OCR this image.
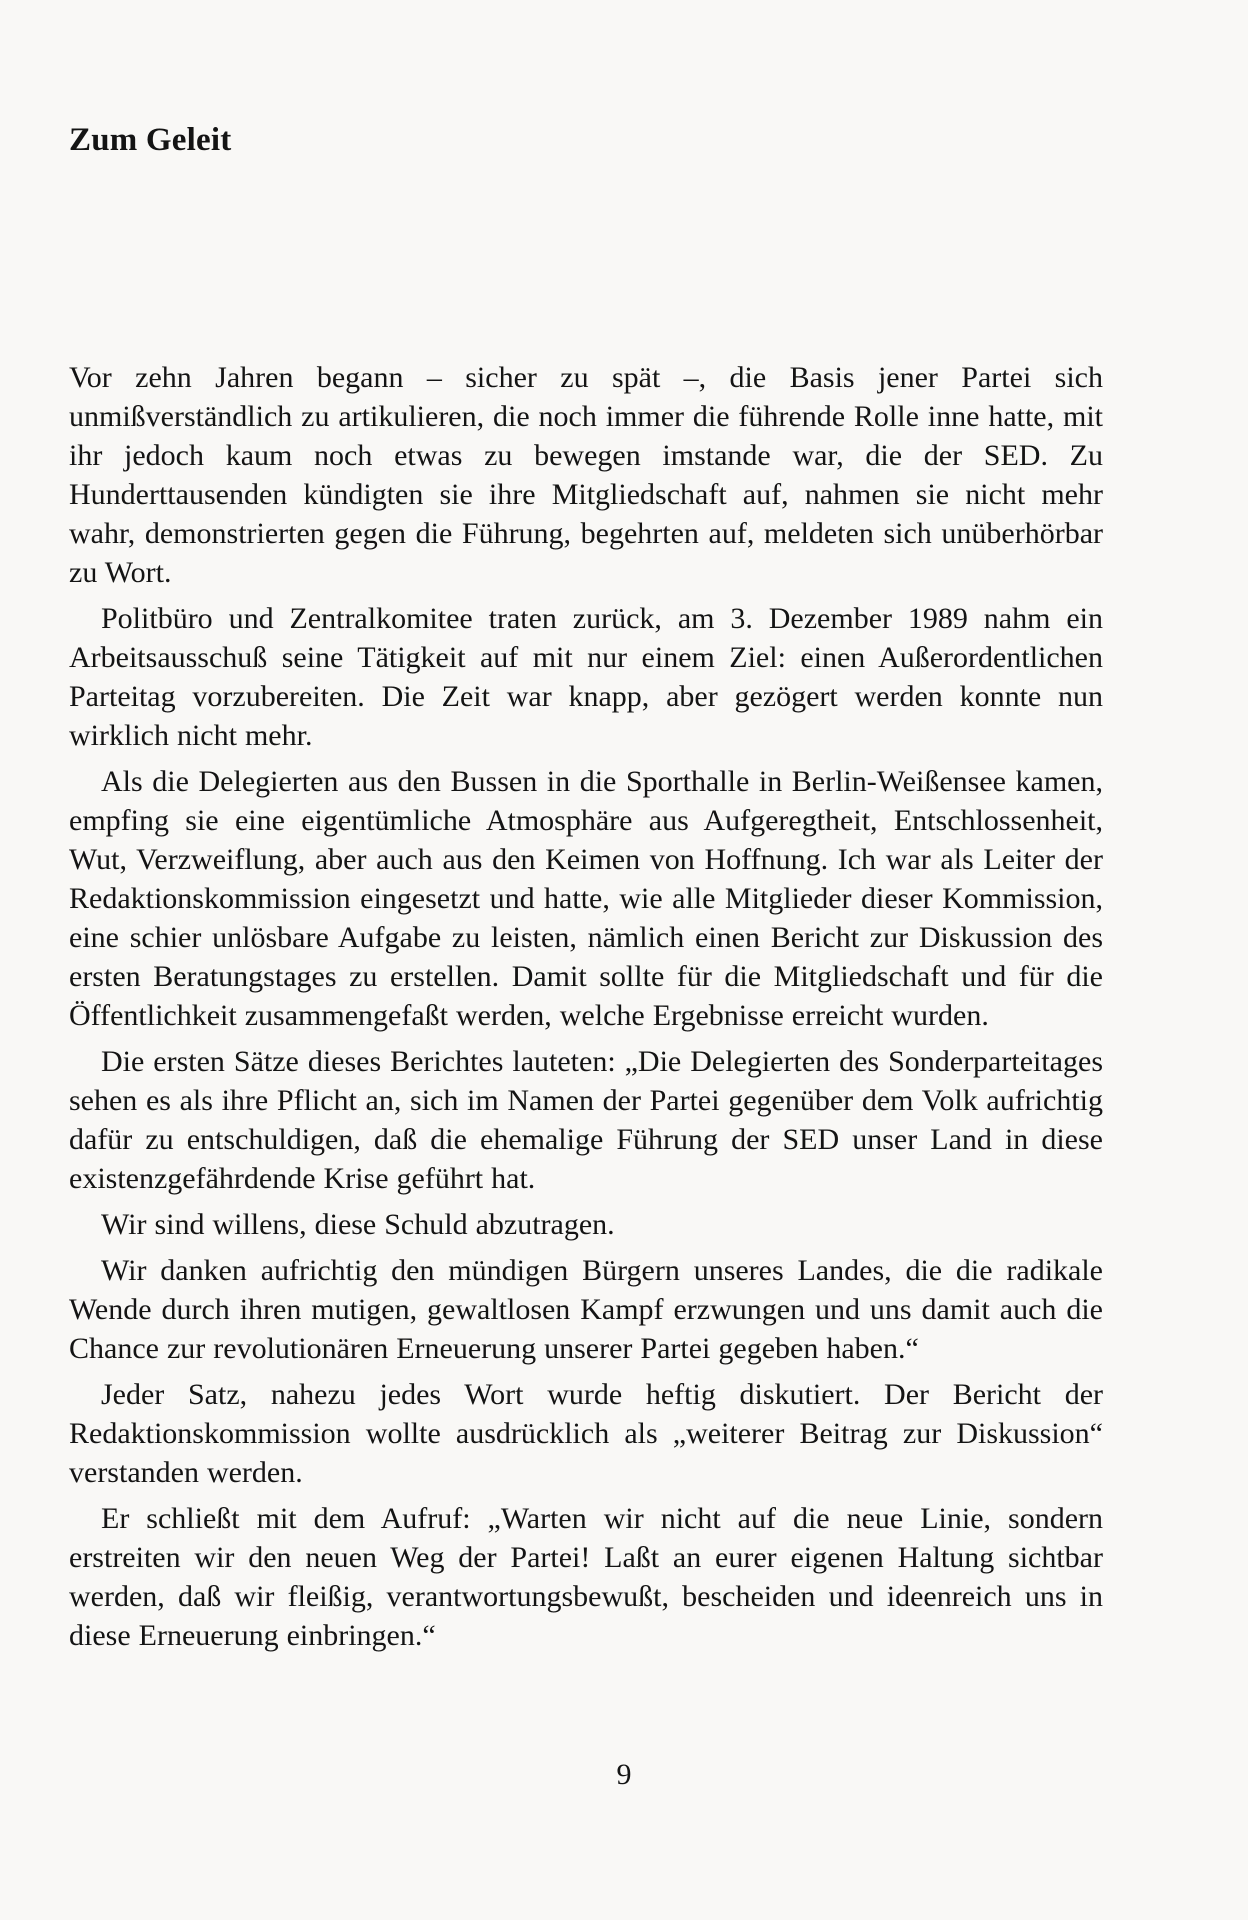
Zum Geleit

Vor zehn Jahren begann – sicher zu spät –, die Basis jener Partei sich unmißverständlich zu artikulieren, die noch immer die führende Rolle inne hatte, mit ihr jedoch kaum noch etwas zu bewegen imstande war, die der SED. Zu Hunderttausenden kündigten sie ihre Mitgliedschaft auf, nahmen sie nicht mehr wahr, demonstrierten gegen die Führung, begehrten auf, meldeten sich unüberhörbar zu Wort.

Politbüro und Zentralkomitee traten zurück, am 3. Dezember 1989 nahm ein Arbeitsausschuß seine Tätigkeit auf mit nur einem Ziel: einen Außerordentlichen Parteitag vorzubereiten. Die Zeit war knapp, aber gezögert werden konnte nun wirklich nicht mehr.

Als die Delegierten aus den Bussen in die Sporthalle in Berlin-Weißensee kamen, empfing sie eine eigentümliche Atmosphäre aus Aufgeregtheit, Entschlossenheit, Wut, Verzweiflung, aber auch aus den Keimen von Hoffnung. Ich war als Leiter der Redaktionskommission eingesetzt und hatte, wie alle Mitglieder dieser Kommission, eine schier unlösbare Aufgabe zu leisten, nämlich einen Bericht zur Diskussion des ersten Beratungstages zu erstellen. Damit sollte für die Mitgliedschaft und für die Öffentlichkeit zusammengefaßt werden, welche Ergebnisse erreicht wurden.

Die ersten Sätze dieses Berichtes lauteten: „Die Delegierten des Sonderparteitages sehen es als ihre Pflicht an, sich im Namen der Partei gegenüber dem Volk aufrichtig dafür zu entschuldigen, daß die ehemalige Führung der SED unser Land in diese existenzgefährdende Krise geführt hat.

Wir sind willens, diese Schuld abzutragen.

Wir danken aufrichtig den mündigen Bürgern unseres Landes, die die radikale Wende durch ihren mutigen, gewaltlosen Kampf erzwungen und uns damit auch die Chance zur revolutionären Erneuerung unserer Partei gegeben haben.“

Jeder Satz, nahezu jedes Wort wurde heftig diskutiert. Der Bericht der Redaktionskommission wollte ausdrücklich als „weiterer Beitrag zur Diskussion“ verstanden werden.

Er schließt mit dem Aufruf: „Warten wir nicht auf die neue Linie, sondern erstreiten wir den neuen Weg der Partei! Laßt an eurer eigenen Haltung sichtbar werden, daß wir fleißig, verantwortungsbewußt, bescheiden und ideenreich uns in diese Erneuerung einbringen.“

9
